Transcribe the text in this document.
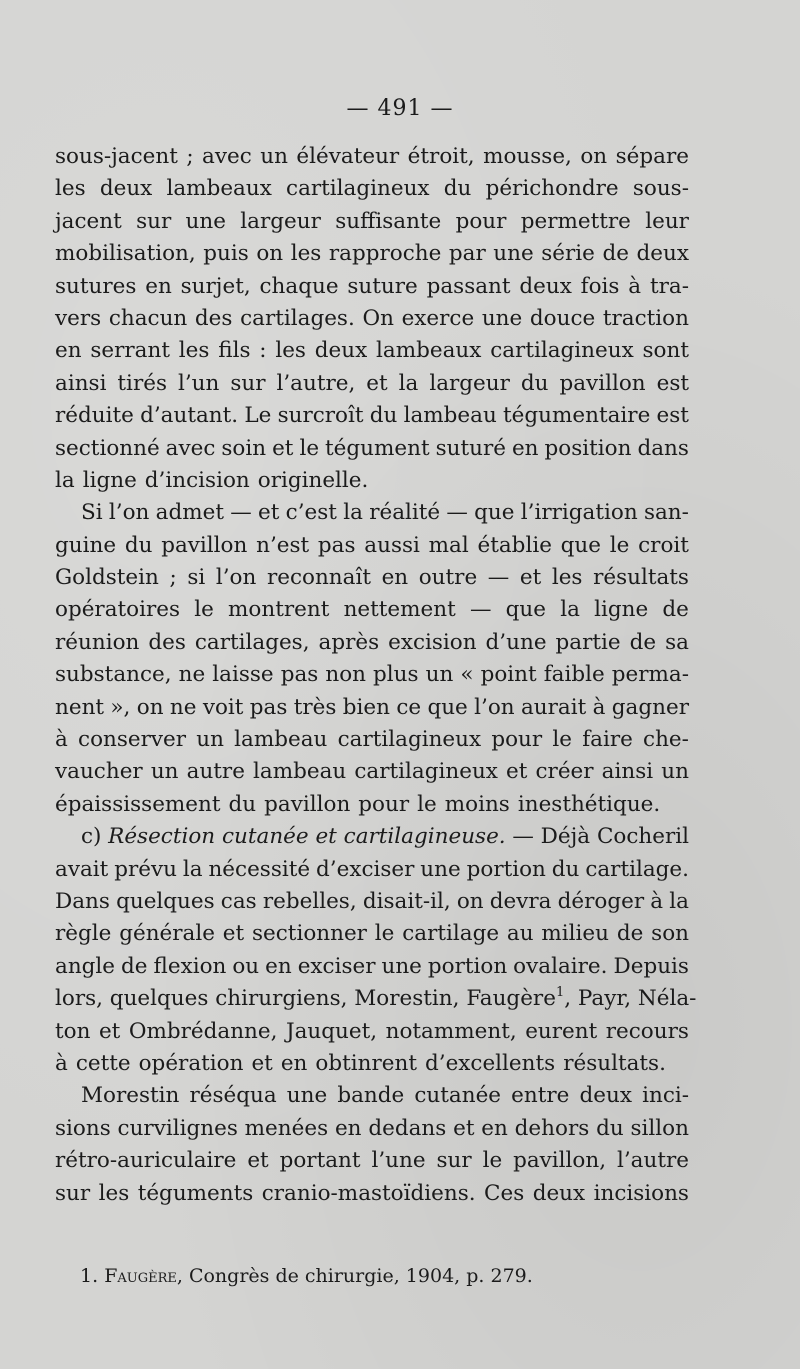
— 491 —
sous-jacent ; avec un élévateur étroit, mousse, on sépare
les deux lambeaux cartilagineux du périchondre sous-
jacent sur une largeur suffisante pour permettre leur
mobilisation, puis on les rapproche par une série de deux
sutures en surjet, chaque suture passant deux fois à tra-
vers chacun des cartilages. On exerce une douce traction
en serrant les fils : les deux lambeaux cartilagineux sont
ainsi tirés l’un sur l’autre, et la largeur du pavillon est
réduite d’autant. Le surcroît du lambeau tégumentaire est
sectionné avec soin et le tégument suturé en position dans
la ligne d’incision originelle.
Si l’on admet — et c’est la réalité — que l’irrigation san-
guine du pavillon n’est pas aussi mal établie que le croit
Goldstein ; si l’on reconnaît en outre — et les résultats
opératoires le montrent nettement — que la ligne de
réunion des cartilages, après excision d’une partie de sa
substance, ne laisse pas non plus un « point faible perma-
nent », on ne voit pas très bien ce que l’on aurait à gagner
à conserver un lambeau cartilagineux pour le faire che-
vaucher un autre lambeau cartilagineux et créer ainsi un
épaississement du pavillon pour le moins inesthétique.
c) Résection cutanée et cartilagineuse. — Déjà Cocheril
avait prévu la nécessité d’exciser une portion du cartilage.
Dans quelques cas rebelles, disait-il, on devra déroger à la
règle générale et sectionner le cartilage au milieu de son
angle de flexion ou en exciser une portion ovalaire. Depuis
lors, quelques chirurgiens, Morestin, Faugère$^1$ , Payr, Néla-
ton et Ombrédanne, Jauquet, notamment, eurent recours
à cette opération et en obtinrent d’excellents résultats.
Morestin réséqua une bande cutanée entre deux inci-
sions curvilignes menées en dedans et en dehors du sillon
rétro-auriculaire et portant l’une sur le pavillon, l’autre
sur les téguments cranio-mastoïdiens. Ces deux incisions
1. Faugère, Congrès de chirurgie, 1904, p. 279.
